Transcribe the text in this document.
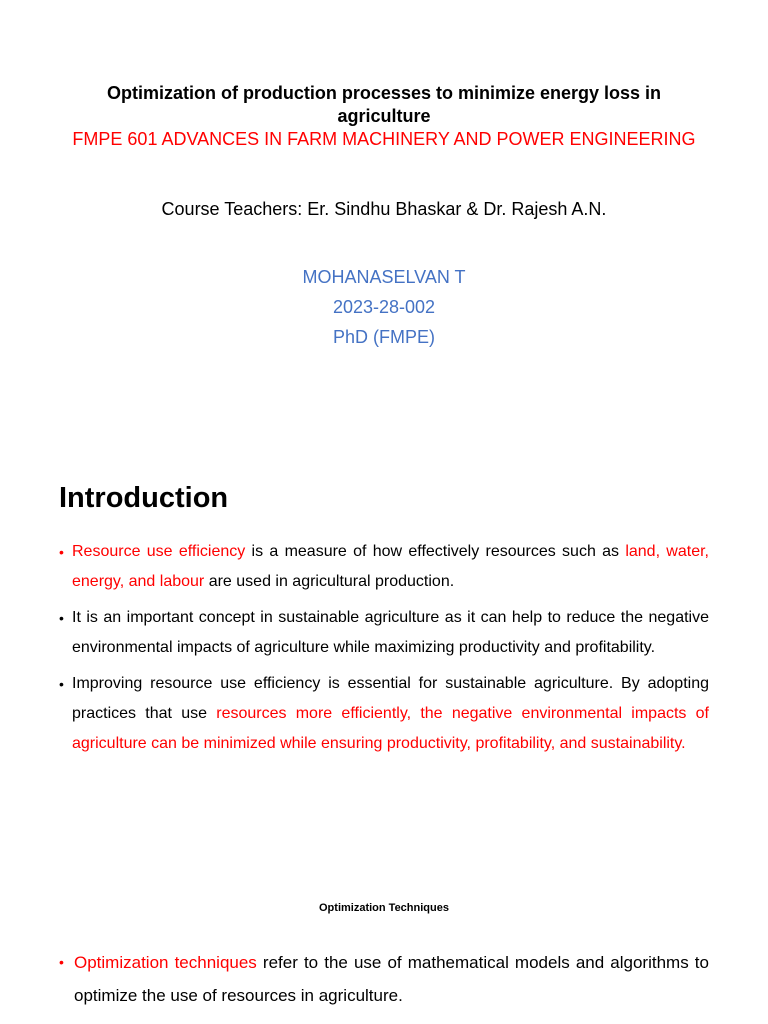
Optimization of production processes to minimize energy loss in agriculture
FMPE 601 ADVANCES IN FARM MACHINERY AND POWER ENGINEERING
Course Teachers: Er. Sindhu Bhaskar & Dr. Rajesh A.N.
MOHANASELVAN T
2023-28-002
PhD (FMPE)
Introduction
• Resource use efficiency is a measure of how effectively resources such as land, water, energy, and labour are used in agricultural production.
• It is an important concept in sustainable agriculture as it can help to reduce the negative environmental impacts of agriculture while maximizing productivity and profitability.
• Improving resource use efficiency is essential for sustainable agriculture. By adopting practices that use resources more efficiently, the negative environmental impacts of agriculture can be minimized while ensuring productivity, profitability, and sustainability.
Optimization Techniques
• Optimization techniques refer to the use of mathematical models and algorithms to optimize the use of resources in agriculture.
